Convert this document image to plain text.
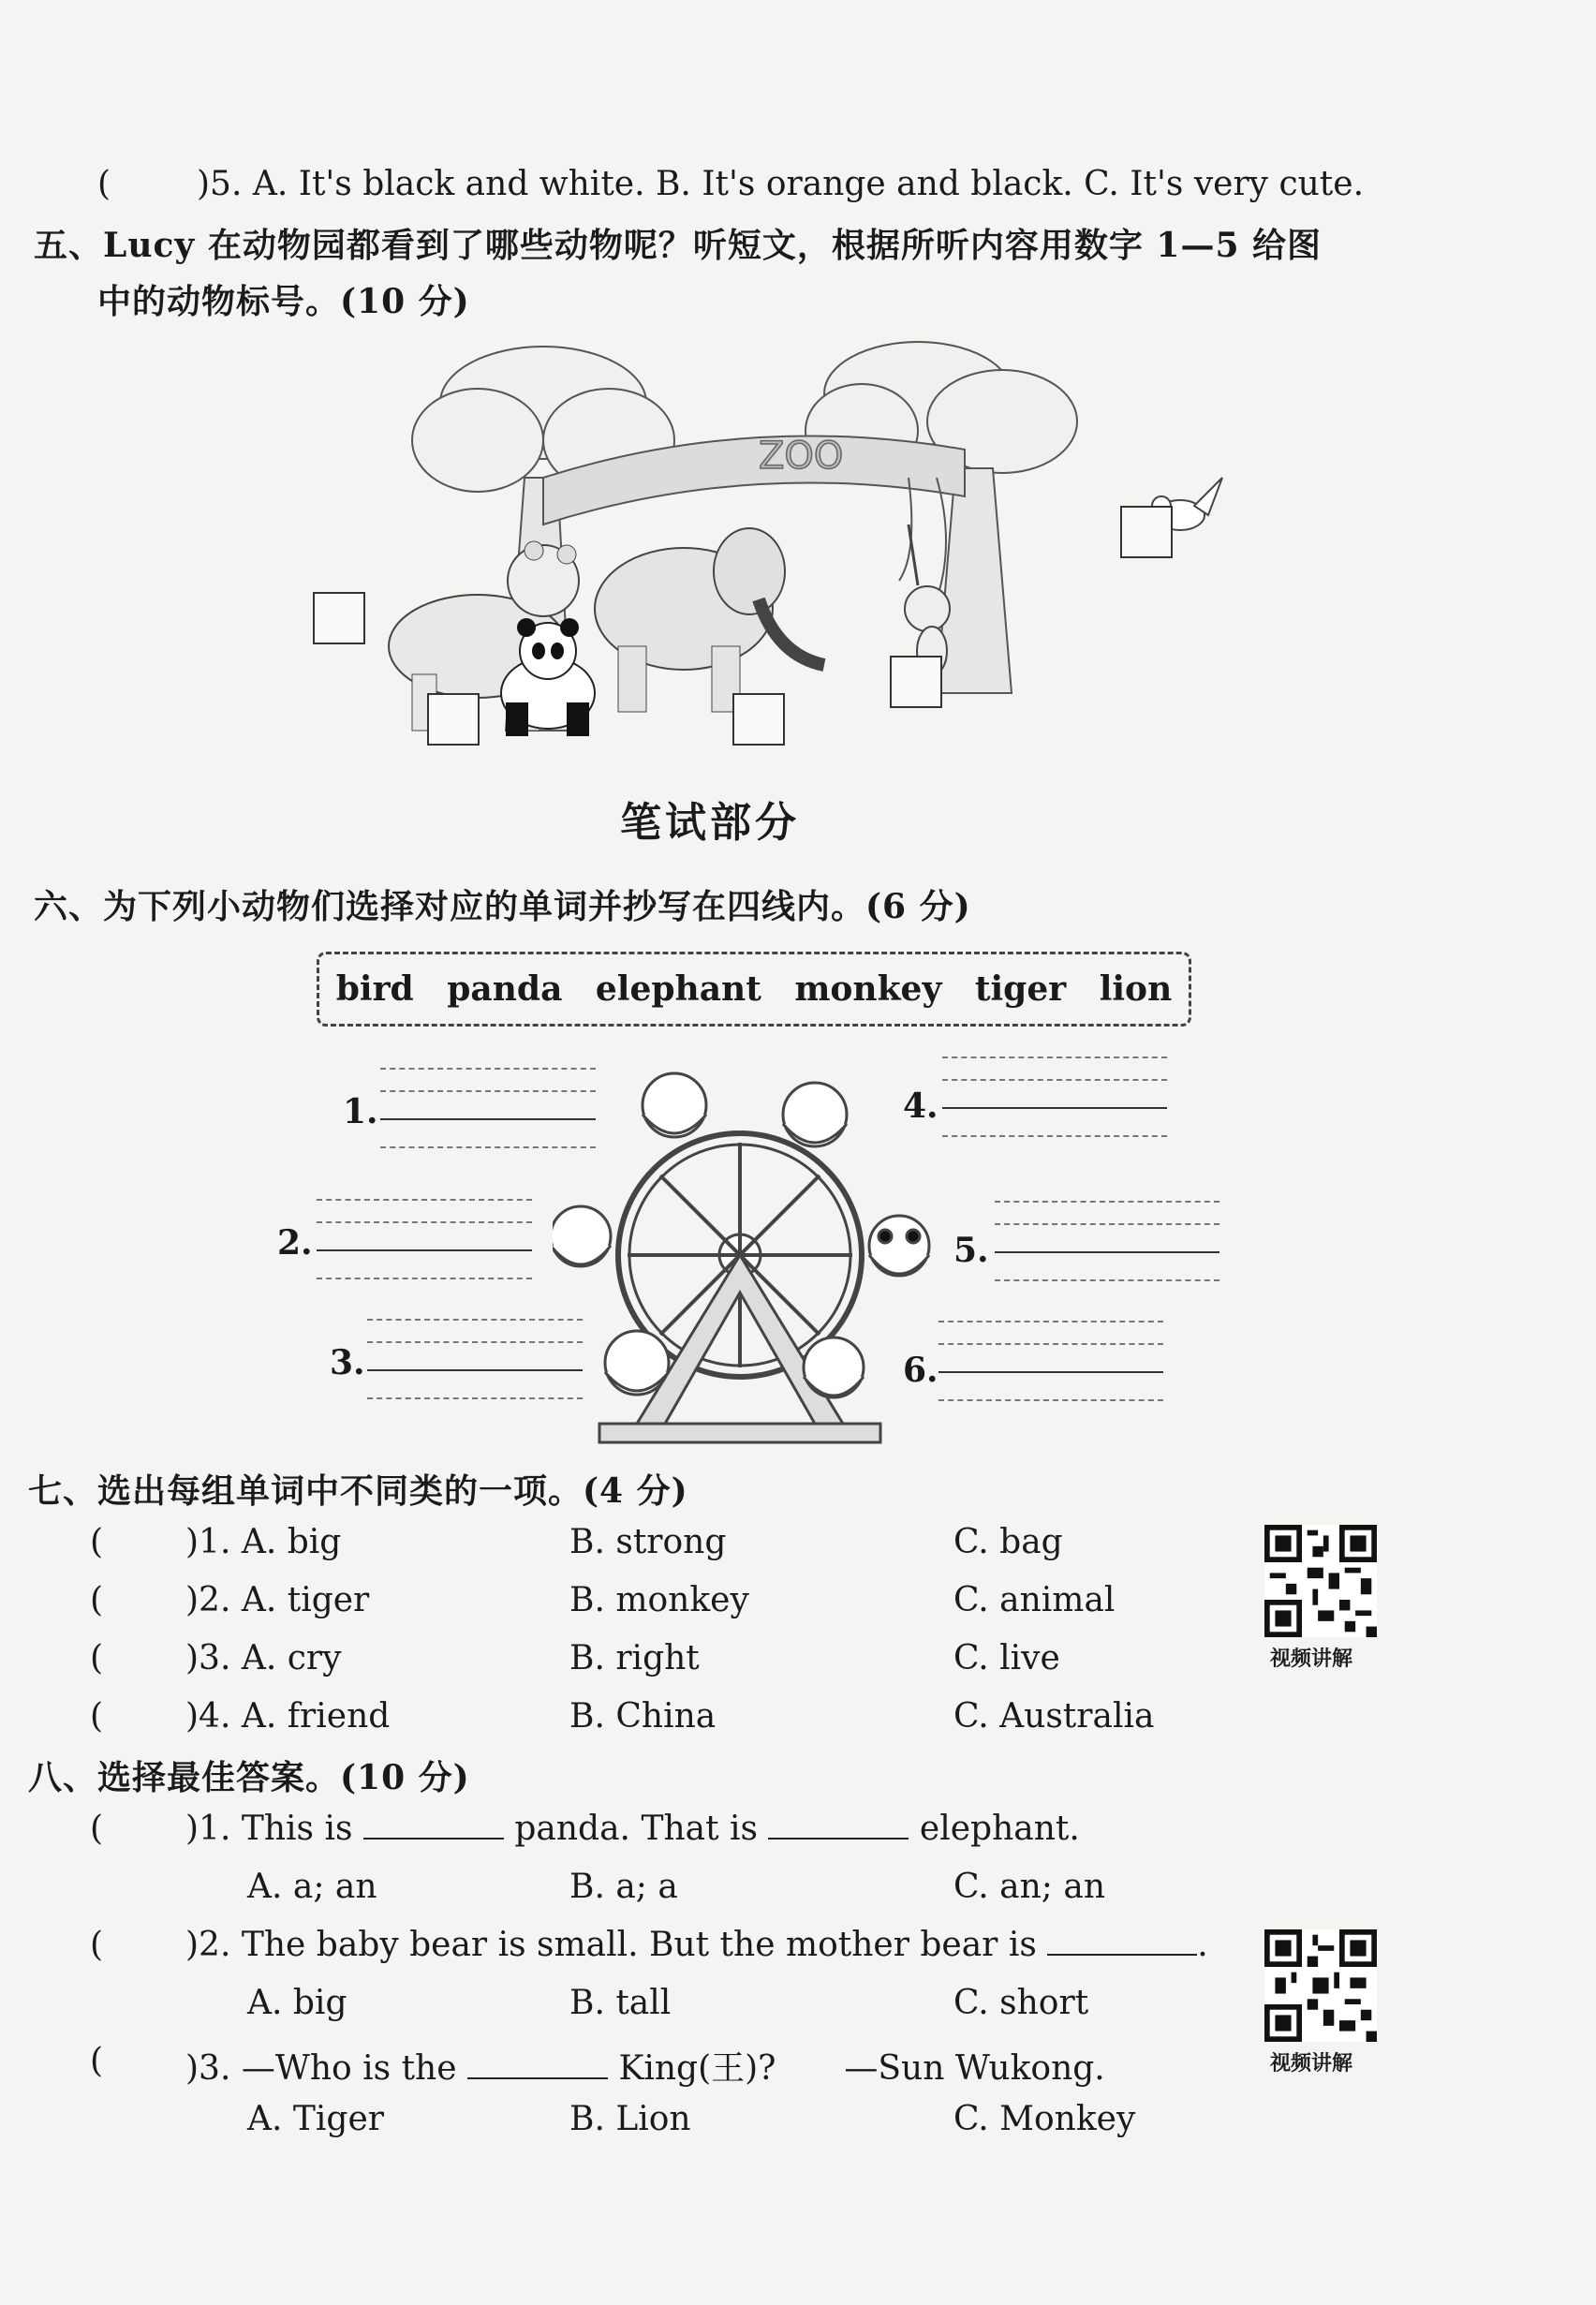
(	)5. A. It's black and white. B. It's orange and black. C. It's very cute.
五、Lucy 在动物园都看到了哪些动物呢？听短文，根据所听内容用数字 1—5 给图
中的动物标号。(10 分)
ZOO
笔试部分
六、为下列小动物们选择对应的单词并抄写在四线内。(6 分)
bird panda elephant monkey tiger lion
1.
2.
3.
4.
5.
6.
七、选出每组单词中不同类的一项。(4 分)
( )1. A. big	B. strong	C. bag
( )2. A. tiger	B. monkey	C. animal
( )3. A. cry	B. right	C. live
( )4. A. friend	B. China	C. Australia
视频讲解
八、选择最佳答案。(10 分)
( )1. This is	panda. That is	elephant.
A. a; an	B. a; a	C. an; an
( )2. The baby bear is small. But the mother bear is	.
A. big	B. tall	C. short
( )3. —Who is the	King(王)? —Sun Wukong.
A. Tiger	B. Lion	C. Monkey
视频讲解
